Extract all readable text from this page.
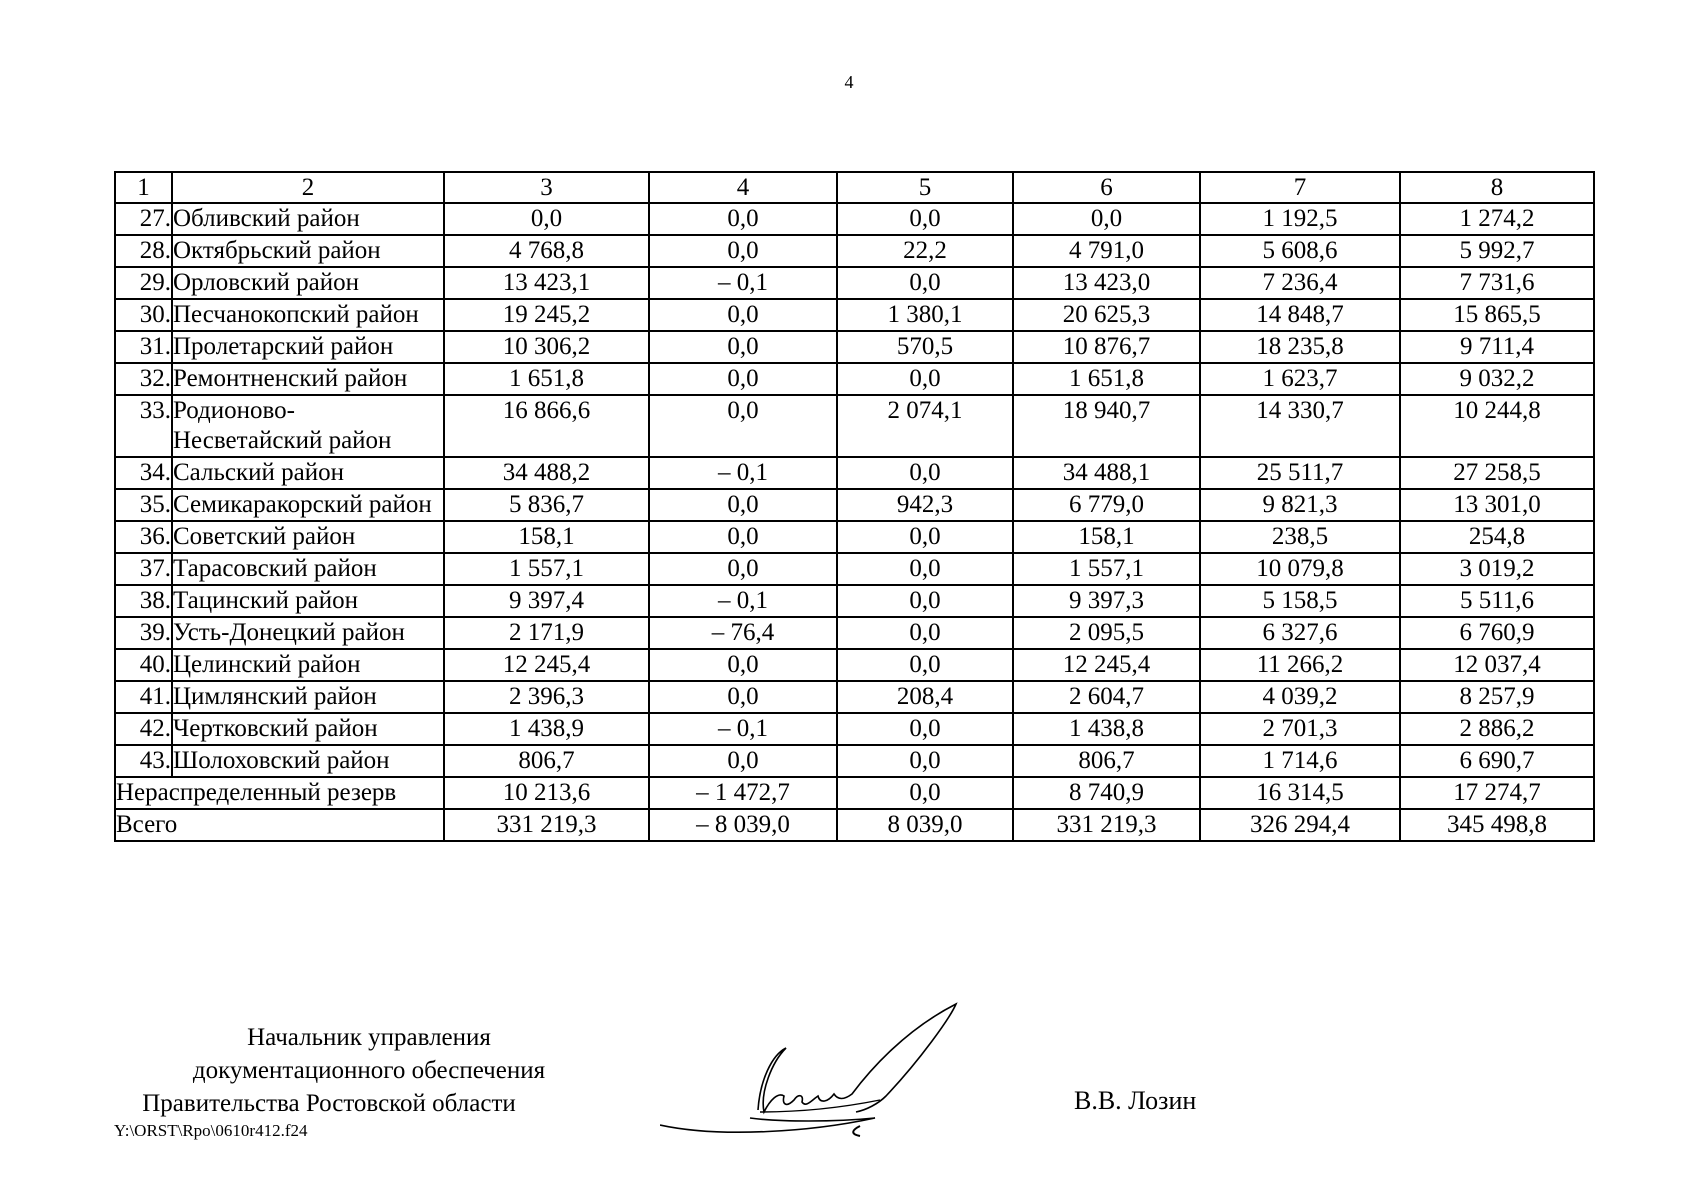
4
1	2	3	4	5	6	7	8
27.	Обливский район	0,0	0,0	0,0	0,0	1 192,5	1 274,2
28.	Октябрьский район	4 768,8	0,0	22,2	4 791,0	5 608,6	5 992,7
29.	Орловский район	13 423,1	– 0,1	0,0	13 423,0	7 236,4	7 731,6
30.	Песчанокопский район	19 245,2	0,0	1 380,1	20 625,3	14 848,7	15 865,5
31.	Пролетарский район	10 306,2	0,0	570,5	10 876,7	18 235,8	9 711,4
32.	Ремонтненский район	1 651,8	0,0	0,0	1 651,8	1 623,7	9 032,2
33.	Родионово-Несветайский район	16 866,6	0,0	2 074,1	18 940,7	14 330,7	10 244,8
34.	Сальский район	34 488,2	– 0,1	0,0	34 488,1	25 511,7	27 258,5
35.	Семикаракорский район	5 836,7	0,0	942,3	6 779,0	9 821,3	13 301,0
36.	Советский район	158,1	0,0	0,0	158,1	238,5	254,8
37.	Тарасовский район	1 557,1	0,0	0,0	1 557,1	10 079,8	3 019,2
38.	Тацинский район	9 397,4	– 0,1	0,0	9 397,3	5 158,5	5 511,6
39.	Усть-Донецкий район	2 171,9	– 76,4	0,0	2 095,5	6 327,6	6 760,9
40.	Целинский район	12 245,4	0,0	0,0	12 245,4	11 266,2	12 037,4
41.	Цимлянский район	2 396,3	0,0	208,4	2 604,7	4 039,2	8 257,9
42.	Чертковский район	1 438,9	– 0,1	0,0	1 438,8	2 701,3	2 886,2
43.	Шолоховский район	806,7	0,0	0,0	806,7	1 714,6	6 690,7
Нераспределенный резерв		10 213,6	– 1 472,7	0,0	8 740,9	16 314,5	17 274,7
Всего		331 219,3	– 8 039,0	8 039,0	331 219,3	326 294,4	345 498,8
Начальник управления
документационного обеспечения
Правительства Ростовской области	В.В. Лозин
Y:\ORST\Rpo\0610r412.f24
